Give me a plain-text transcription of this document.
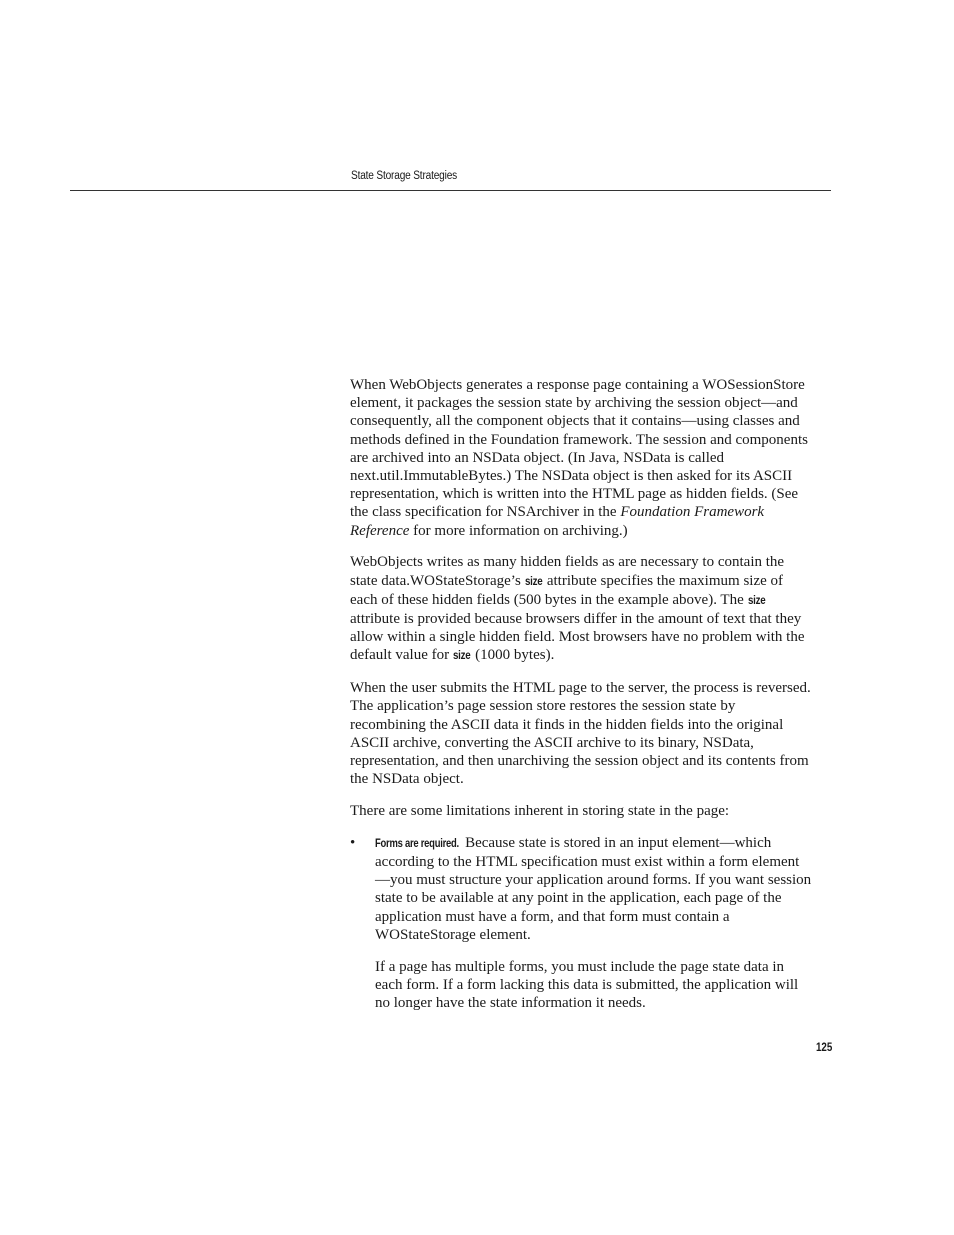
State Storage Strategies

When WebObjects generates a response page containing a WOSessionStore element, it packages the session state by archiving the session object—and consequently, all the component objects that it contains—using classes and methods defined in the Foundation framework. The session and components are archived into an NSData object. (In Java, NSData is called next.util.ImmutableBytes.) The NSData object is then asked for its ASCII representation, which is written into the HTML page as hidden fields. (See the class specification for NSArchiver in the Foundation Framework Reference for more information on archiving.)

WebObjects writes as many hidden fields as are necessary to contain the state data.WOStateStorage’s size attribute specifies the maximum size of each of these hidden fields (500 bytes in the example above). The size attribute is provided because browsers differ in the amount of text that they allow within a single hidden field. Most browsers have no problem with the default value for size (1000 bytes).

When the user submits the HTML page to the server, the process is reversed. The application’s page session store restores the session state by recombining the ASCII data it finds in the hidden fields into the original ASCII archive, converting the ASCII archive to its binary, NSData, representation, and then unarchiving the session object and its contents from the NSData object.

There are some limitations inherent in storing state in the page:

• Forms are required. Because state is stored in an input element—which according to the HTML specification must exist within a form element—you must structure your application around forms. If you want session state to be available at any point in the application, each page of the application must have a form, and that form must contain a WOStateStorage element.

If a page has multiple forms, you must include the page state data in each form. If a form lacking this data is submitted, the application will no longer have the state information it needs.

125
